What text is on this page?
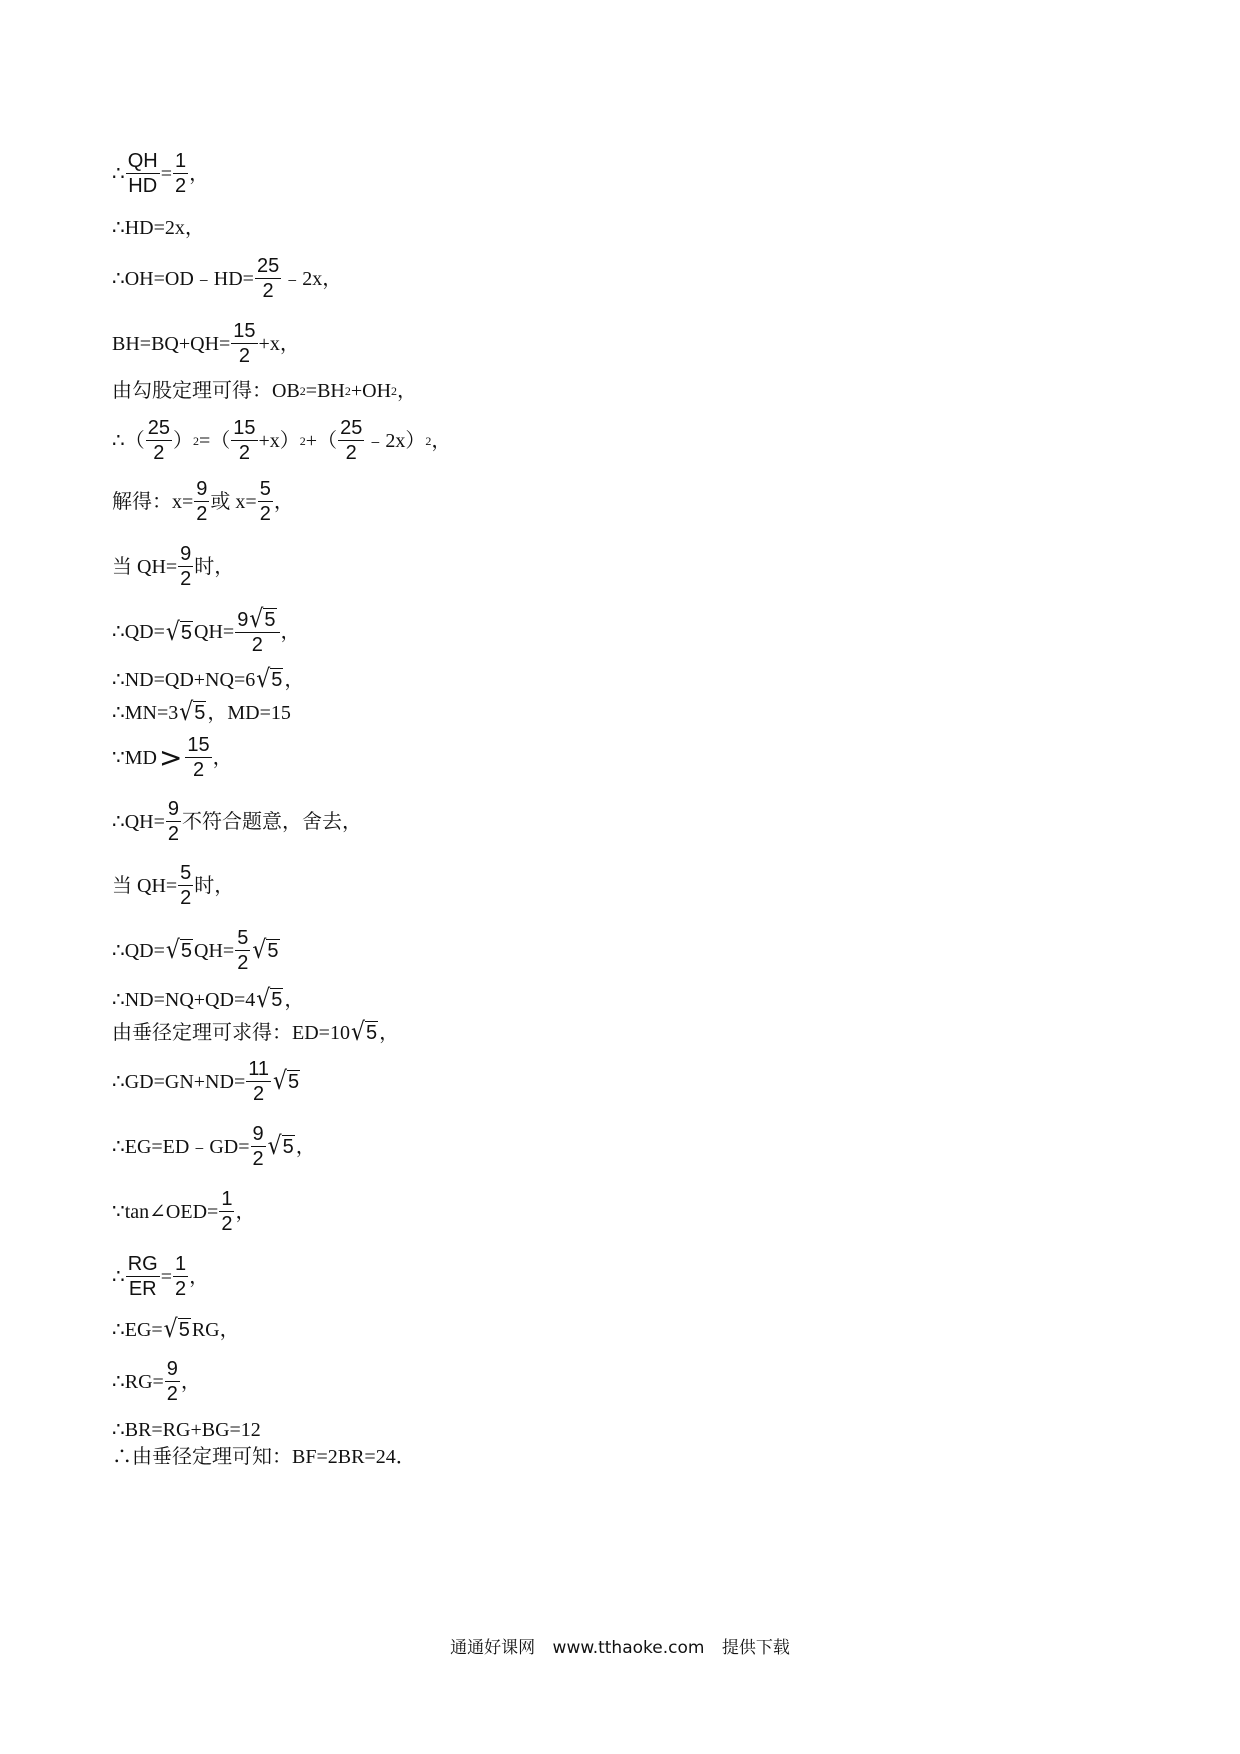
∴ $\frac{QH}{HD} = \frac{1}{2}$ ，
∴HD=2x，
∴OH=OD﹣HD= $\frac{25}{2}$ ﹣2x，
$BH=BQ+QH= \frac{15}{2} +x$，
由勾股定理可得：OB 2 =BH 2 +OH 2 ，
∴（ $\frac{25}{2}$ ） 2 =（ $\frac{15}{2} +x$） 2 +（ $\frac{25}{2}$ ﹣2x） 2 ，
解得：$x= \frac{9}{2}$ 或 $x= \frac{5}{2}$ ，
当 $QH= \frac{9}{2}$ 时，
∴QD= √ 5 $QH= \frac{9 √ 5}{2}$ ，
∴ND=QD+NQ=6 √ 5 ，
∴MN=3 √ 5 ，MD=15
∵MD > $\frac{15}{2}$ ，
∴QH= $\frac{9}{2}$ 不符合题意，舍去，
当 $QH= \frac{5}{2}$ 时，
∴QD= √ 5 $QH= \frac{5}{2}$ √ 5
∴ND=NQ+QD=4 √ 5 ，
由垂径定理可求得：ED=10 √ 5 ，
∴GD=GN+ND= $\frac{11}{2}$ √ 5
∴EG=ED﹣GD= $\frac{9}{2}$ √ 5 ，
∵tan∠OED= $\frac{1}{2}$ ，
∴ $\frac{RG}{ER} = \frac{1}{2}$ ，
∴EG= √ 5 RG，
∴RG= $\frac{9}{2}$ ，
∴BR=RG+BG=12
∴由垂径定理可知：BF=2BR=24．
通通好课网 www.tthaoke.com 提供下载
